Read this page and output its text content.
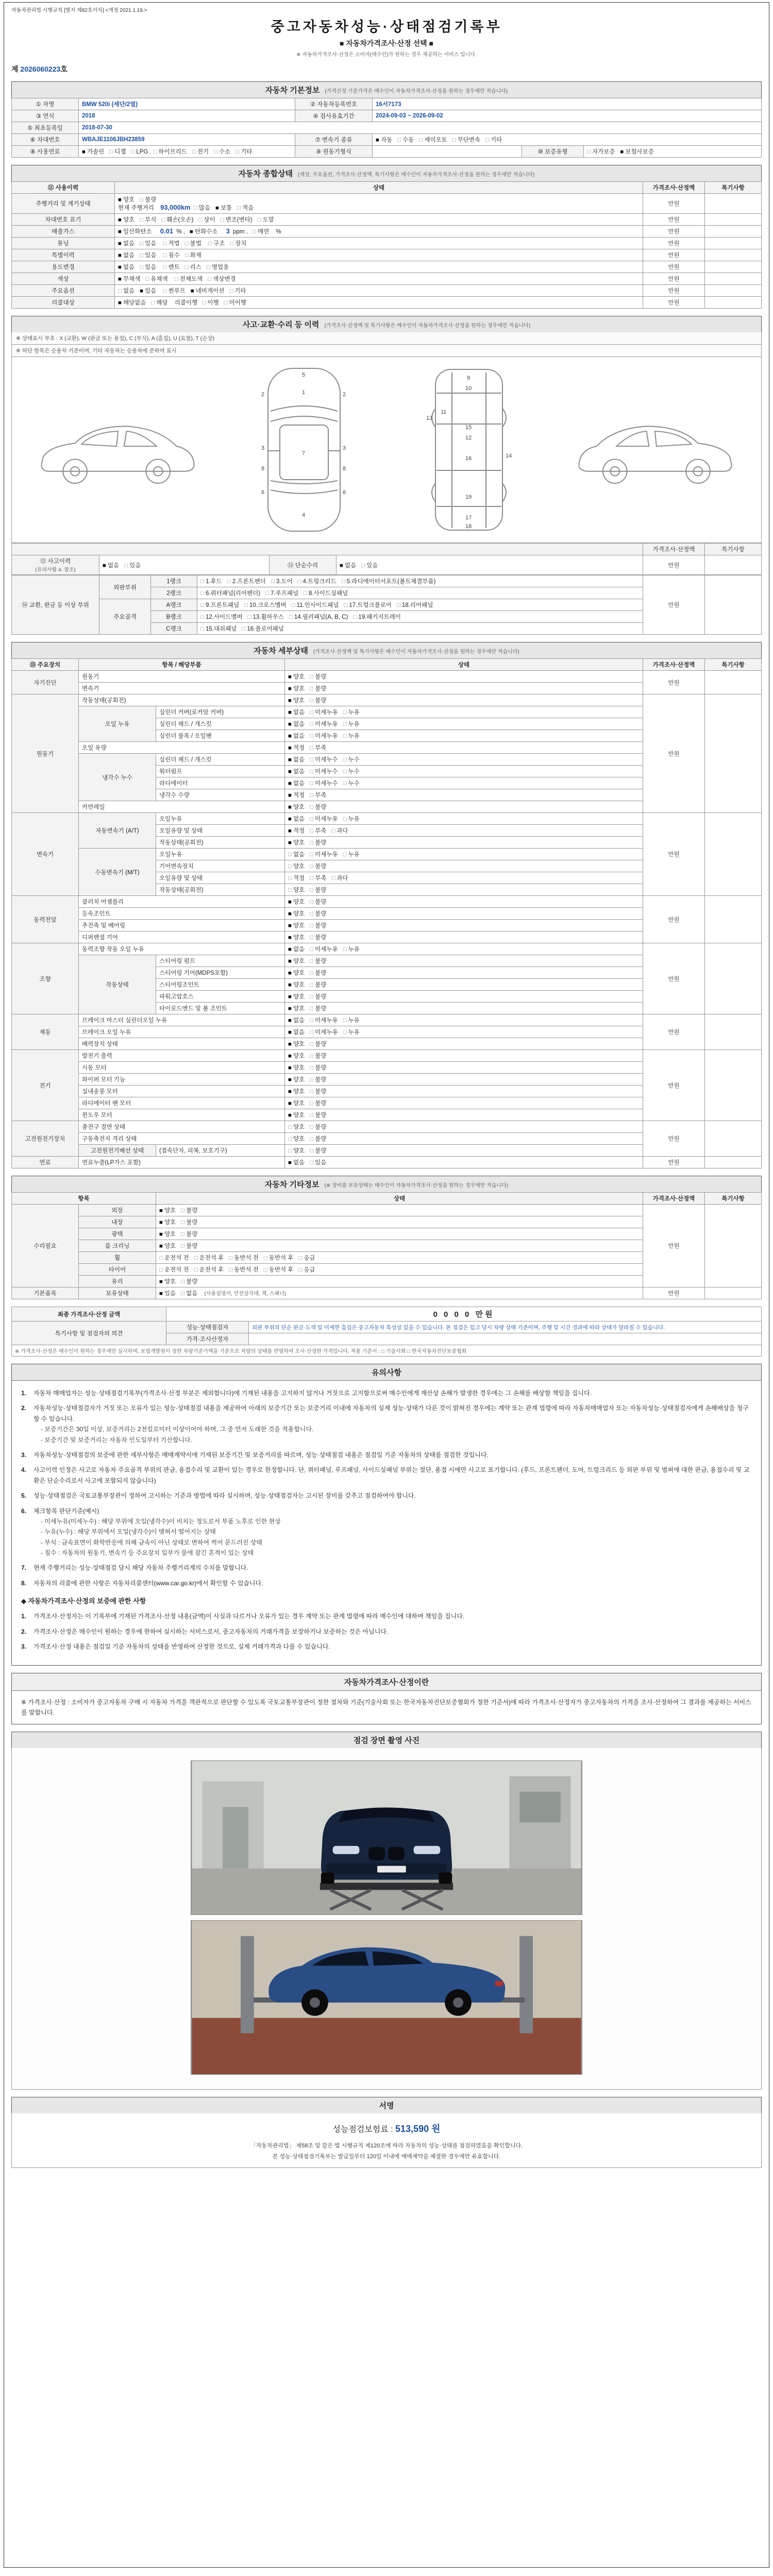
자동차관리법 시행규칙 [별지 제82호서식] <개정 2021.1.19.>
중고자동차성능·상태점검기록부
■ 자동차가격조사·산정 선택 ■
※ 자동차가격조사·산정은 소비자(매수인)가 원하는 경우 제공하는 서비스 입니다.
제 2026060223호
자동차 기본정보 (가격산정 기준가격은 매수인이 자동차가격조사·산정을 원하는 경우에만 적습니다)
① 차명	BMW 520i (세단/2열)	② 자동차등록번호	16서7173		
③ 연식	2018	④ 검사유효기간	2024-09-03 ~ 2026-09-02		
⑤ 최초등록일	2018-07-30				
⑥ 차대번호	WBAJE1106JBH23859	⑦ 변속기 종류	■ 자동 □ 수동 □ 세미오토 □ 무단변속 □ 기타		
⑧ 사용연료	■ 가솔린 □ 디젤 □ LPG □ 하이브리드 □ 전기 □ 수소 □ 기타	⑨ 원동기형식		⑩ 보증유형	□ 자가보증 ■ 보험사보증
자동차 종합상태 (색상, 주요옵션, 가격조사·산정액, 특기사항은 매수인이 자동차가격조사·산정을 원하는 경우에만 적습니다)
⑪ 사용이력	상태	가격조사·산정액	특기사항
주행거리 및 계기상태	■ 양호 □ 불량
현재 주행거리 93,000km □ 많음 ■ 보통 □ 적음	만원	
차대번호 표기	■ 양호 □ 부식 □ 훼손(오손) □ 상이 □ 변조(변타) □ 도말	만원	
배출가스	■ 일산화탄소 0.01 % , ■ 탄화수소 3 ppm , □ 매연 %	만원	
튜닝	■ 없음 □ 있음 □ 적법 □ 불법 □ 구조 □ 장치	만원	
특별이력	■ 없음 □ 있음 □ 침수 □ 화재	만원	
용도변경	■ 없음 □ 있음 □ 렌트 □ 리스 □ 영업용	만원	
색상	■ 무채색 □ 유채색 □ 전체도색 □ 색상변경	만원	
주요옵션	□ 없음 ■ 있음 □ 썬루프 ■ 네비게이션 □ 기타	만원	
리콜대상	■ 해당없음 □ 해당 리콜이행 □ 이행 □ 미이행	만원	
사고·교환·수리 등 이력 (가격조사·산정액 및 특기사항은 매수인이 자동차가격조사·산정을 원하는 경우에만 적습니다)
※ 상태표시 부호 : X (교환), W (판금 또는 용접), C (부식), A (흠집), U (요철), T (손상)
※ 하단 항목은 승용차 기준이며, 기타 자동차는 승용차에 준하여 표시
5
1
2	2
3	3
7
6	6
8	8
4
9
10
11
12
13
14
15
16
17
18
19
				가격조사·산정액	특기사항
⑫ 사고이력
(유의사항 4. 참조)	■ 없음 □ 있음	⑬ 단순수리	■ 없음 □ 있음	만원	
⑭ 교환, 판금 등 이상 부위	외판부위	1랭크	□ 1.후드 □ 2.프론트펜더 □ 3.도어 □ 4.트렁크리드 □ 5.라디에이터서포트(볼트체결부품)	만원	
		2랭크	□ 6.쿼터패널(리어펜더) □ 7.루프패널 □ 8.사이드실패널		
	주요골격	A랭크	□ 9.프론트패널 □ 10.크로스멤버 □ 11.인사이드패널 □ 17.트렁크플로어 □ 18.리어패널		
		B랭크	□ 12.사이드멤버 □ 13.휠하우스 □ 14.필러패널(A, B, C) □ 19.패키지트레이		
		C랭크	□ 15.대쉬패널 □ 16.플로어패널		
자동차 세부상태 (가격조사·산정액 및 특기사항은 매수인이 자동차가격조사·산정을 원하는 경우에만 적습니다)
⑮ 주요장치	항목 / 해당부품		상태	가격조사·산정액	특기사항
자기진단	원동기		■ 양호 □ 불량	만원	
	변속기		■ 양호 □ 불량		
원동기	작동상태(공회전)		■ 양호 □ 불량	만원	
	오일 누유	실린더 커버(로커암 커버)	■ 없음 □ 미세누유 □ 누유		
		실린더 헤드 / 개스킷	■ 없음 □ 미세누유 □ 누유		
		실린더 블록 / 오일팬	■ 없음 □ 미세누유 □ 누유		
	오일 유량		■ 적정 □ 부족		
	냉각수 누수	실린더 헤드 / 개스킷	■ 없음 □ 미세누수 □ 누수		
		워터펌프	■ 없음 □ 미세누수 □ 누수		
		라디에이터	■ 없음 □ 미세누수 □ 누수		
		냉각수 수량	■ 적정 □ 부족		
	커먼레일		■ 양호 □ 불량		
변속기	자동변속기 (A/T)	오일누유	■ 없음 □ 미세누유 □ 누유	만원	
		오일유량 및 상태	■ 적정 □ 부족 □ 과다		
		작동상태(공회전)	■ 양호 □ 불량		
	수동변속기 (M/T)	오일누유	□ 없음 □ 미세누유 □ 누유		
		기어변속장치	□ 양호 □ 불량		
		오일유량 및 상태	□ 적정 □ 부족 □ 과다		
		작동상태(공회전)	□ 양호 □ 불량		
동력전달	클러치 어셈블리		■ 양호 □ 불량	만원	
	등속조인트		■ 양호 □ 불량		
	추진축 및 베어링		■ 양호 □ 불량		
	디퍼렌셜 기어		■ 양호 □ 불량		
조향	동력조향 작동 오일 누유		■ 없음 □ 미세누유 □ 누유	만원	
	작동상태	스티어링 펌프	■ 양호 □ 불량		
		스티어링 기어(MDPS포함)	■ 양호 □ 불량		
		스티어링조인트	■ 양호 □ 불량		
		파워고압호스	■ 양호 □ 불량		
		타이로드엔드 및 볼 조인트	■ 양호 □ 불량		
제동	브레이크 마스터 실린더오일 누유		■ 없음 □ 미세누유 □ 누유	만원	
	브레이크 오일 누유		■ 없음 □ 미세누유 □ 누유		
	배력장치 상태		■ 양호 □ 불량		
전기	발전기 출력		■ 양호 □ 불량	만원	
	시동 모터		■ 양호 □ 불량		
	와이퍼 모터 기능		■ 양호 □ 불량		
	실내송풍 모터		■ 양호 □ 불량		
	라디에이터 팬 모터		■ 양호 □ 불량		
	윈도우 모터		■ 양호 □ 불량		
고전원전기장치	충전구 절연 상태		□ 양호 □ 불량	만원	
	구동축전지 격리 상태		□ 양호 □ 불량		
	고전원전기배선 상태	(접속단자, 피복, 보호기구)	□ 양호 □ 불량		
연료	연료누출(LP가스 포함)		■ 없음 □ 있음	만원	
자동차 기타정보 (※ 장비품 보유상태는 매수인이 자동차가격조사·산정을 원하는 경우에만 적습니다)
항목		상태	가격조사·산정액	특기사항
수리필요	외장	■ 양호 □ 불량	만원	
	내장	■ 양호 □ 불량		
	광택	■ 양호 □ 불량		
	룸 크리닝	■ 양호 □ 불량		
	휠	□ 운전석 전 □ 운전석 후 □ 동반석 전 □ 동반석 후 □ 응급		
	타이어	□ 운전석 전 □ 운전석 후 □ 동반석 전 □ 동반석 후 □ 응급		
	유리	■ 양호 □ 불량		
기본품목	보유상태	■ 있음 □ 없음 (사용설명서, 안전삼각대, 잭, 스패너)	만원	
최종 가격조사·산정 금액	0 0 0 0 만원	
특기사항 및 점검자의 의견	성능·상태점검자	외판 부위의 단순 판금·도색 및 미세한 흠집은 중고자동차 특성상 있을 수 있습니다. 본 점검은 입고 당시 차량 상태 기준이며, 주행 및 시간 경과에 따라 상태가 달라질 수 있습니다.
	가격·조사산정자	
※ 가격조사·산정은 매수인이 원하는 경우에만 실시하며, 보험개발원이 정한 차량기준가액을 기준으로 차량의 상태를 반영하여 조사·산정한 가격입니다. 적용 기준서 : □ 기술사회 □ 한국자동차진단보증협회		
유의사항
1.	자동차 매매업자는 성능·상태점검기록부(가격조사·산정 부분은 제외합니다)에 기재된 내용을 고지하지 않거나 거짓으로 고지함으로써 매수인에게 재산상 손해가 발생한 경우에는 그 손해를 배상할 책임을 집니다.
2.	자동차성능·상태점검자가 거짓 또는 오류가 있는 성능·상태점검 내용을 제공하여 아래의 보증기간 또는 보증거리 이내에 자동차의 실제 성능·상태가 다른 것이 밝혀진 경우에는 계약 또는 관계 법령에 따라 자동차매매업자 또는 자동차성능·상태점검자에게 손해배상을 청구할 수 있습니다.
- 보증기간은 30일 이상, 보증거리는 2천킬로미터 이상이어야 하며, 그 중 먼저 도래한 것을 적용합니다.
- 보증기간 및 보증거리는 자동차 인도일부터 기산합니다.
3.	자동차성능·상태점검의 보증에 관한 세부사항은 매매계약서에 기재된 보증기간 및 보증거리를 따르며, 성능·상태점검 내용은 점검일 기준 자동차의 상태를 점검한 것입니다.
4.	사고이력 인정은 사고로 자동차 주요골격 부위의 판금, 용접수리 및 교환이 있는 경우로 한정합니다. 단, 쿼터패널, 루프패널, 사이드실패널 부위는 절단, 용접 시에만 사고로 표기합니다. (후드, 프론트펜더, 도어, 트렁크리드 등 외판 부위 및 범퍼에 대한 판금, 용접수리 및 교환은 단순수리로서 사고에 포함되지 않습니다)
5.	성능·상태점검은 국토교통부장관이 정하여 고시하는 기준과 방법에 따라 실시하며, 성능·상태점검자는 고시된 장비를 갖추고 점검하여야 합니다.
6.	체크항목 판단기준(예시)
- 미세누유(미세누수) : 해당 부위에 오일(냉각수)이 비치는 정도로서 부품 노후로 인한 현상
- 누유(누수) : 해당 부위에서 오일(냉각수)이 맺혀서 떨어지는 상태
- 부식 : 금속표면이 화학반응에 의해 금속이 아닌 상태로 변하여 썩어 문드러진 상태
- 침수 : 자동차의 원동기, 변속기 등 주요장치 일부가 물에 잠긴 흔적이 있는 상태
7.	현재 주행거리는 성능·상태점검 당시 해당 자동차 주행거리계의 수치를 말합니다.
8.	자동차의 리콜에 관한 사항은 자동차리콜센터(www.car.go.kr)에서 확인할 수 있습니다.
◆ 자동차가격조사·산정의 보증에 관한 사항
1.	가격조사·산정자는 이 기록부에 기재된 가격조사·산정 내용(금액)이 사실과 다르거나 오류가 있는 경우 계약 또는 관계 법령에 따라 매수인에 대하여 책임을 집니다.
2.	가격조사·산정은 매수인이 원하는 경우에 한하여 실시하는 서비스로서, 중고자동차의 거래가격을 보장하거나 보증하는 것은 아닙니다.
3.	가격조사·산정 내용은 점검일 기준 자동차의 상태를 반영하여 산정한 것으로, 실제 거래가격과 다를 수 있습니다.
자동차가격조사·산정이란
※ 가격조사·산정 : 소비자가 중고자동차 구매 시 자동차 가격을 객관적으로 판단할 수 있도록 국토교통부장관이 정한 절차와 기준(기술사회 또는 한국자동차진단보증협회가 정한 기준서)에 따라 가격조사·산정자가 중고자동차의 가격을 조사·산정하여 그 결과를 제공하는 서비스를 말합니다.
점검 장면 촬영 사진
서명
성능점검보험료 : 513,590 원
「자동차관리법」 제58조 및 같은 법 시행규칙 제120조에 따라 자동차의 성능·상태를 점검하였음을 확인합니다.
본 성능·상태점검기록부는 발급일부터 120일 이내에 매매계약을 체결한 경우에만 유효합니다.
